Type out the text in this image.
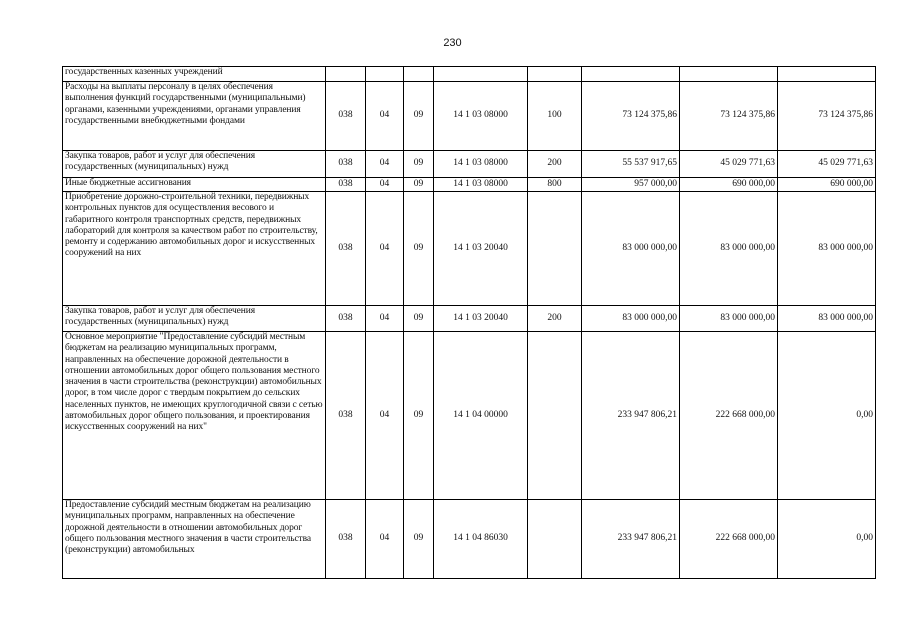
230
государственных казенных учреждений								
Расходы на выплаты персоналу в целях обеспечения выполнения функций государственными (муниципальными) органами, казенными учреждениями, органами управления государственными внебюджетными фондами	038	04	09	14 1 03 08000	100	73 124 375,86	73 124 375,86	73 124 375,86
Закупка товаров, работ и услуг для обеспечения государственных (муниципальных) нужд	038	04	09	14 1 03 08000	200	55 537 917,65	45 029 771,63	45 029 771,63
Иные бюджетные ассигнования	038	04	09	14 1 03 08000	800	957 000,00	690 000,00	690 000,00
Приобретение дорожно-строительной техники, передвижных контрольных пунктов для осуществления весового и габаритного контроля транспортных средств, передвижных лабораторий для контроля за качеством работ по строительству, ремонту и содержанию автомобильных дорог и искусственных сооружений на них	038	04	09	14 1 03 20040		83 000 000,00	83 000 000,00	83 000 000,00
Закупка товаров, работ и услуг для обеспечения государственных (муниципальных) нужд	038	04	09	14 1 03 20040	200	83 000 000,00	83 000 000,00	83 000 000,00
Основное мероприятие "Предоставление субсидий местным бюджетам на реализацию муниципальных программ, направленных на обеспечение дорожной деятельности в отношении автомобильных дорог общего пользования местного значения в части строительства (реконструкции) автомобильных дорог, в том числе дорог с твердым покрытием до сельских населенных пунктов, не имеющих круглогодичной связи с сетью автомобильных дорог общего пользования, и проектирования искусственных сооружений на них"	038	04	09	14 1 04 00000		233 947 806,21	222 668 000,00	0,00
Предоставление субсидий местным бюджетам на реализацию муниципальных программ, направленных на обеспечение дорожной деятельности в отношении автомобильных дорог общего пользования местного значения в части строительства (реконструкции) автомобильных	038	04	09	14 1 04 86030		233 947 806,21	222 668 000,00	0,00
